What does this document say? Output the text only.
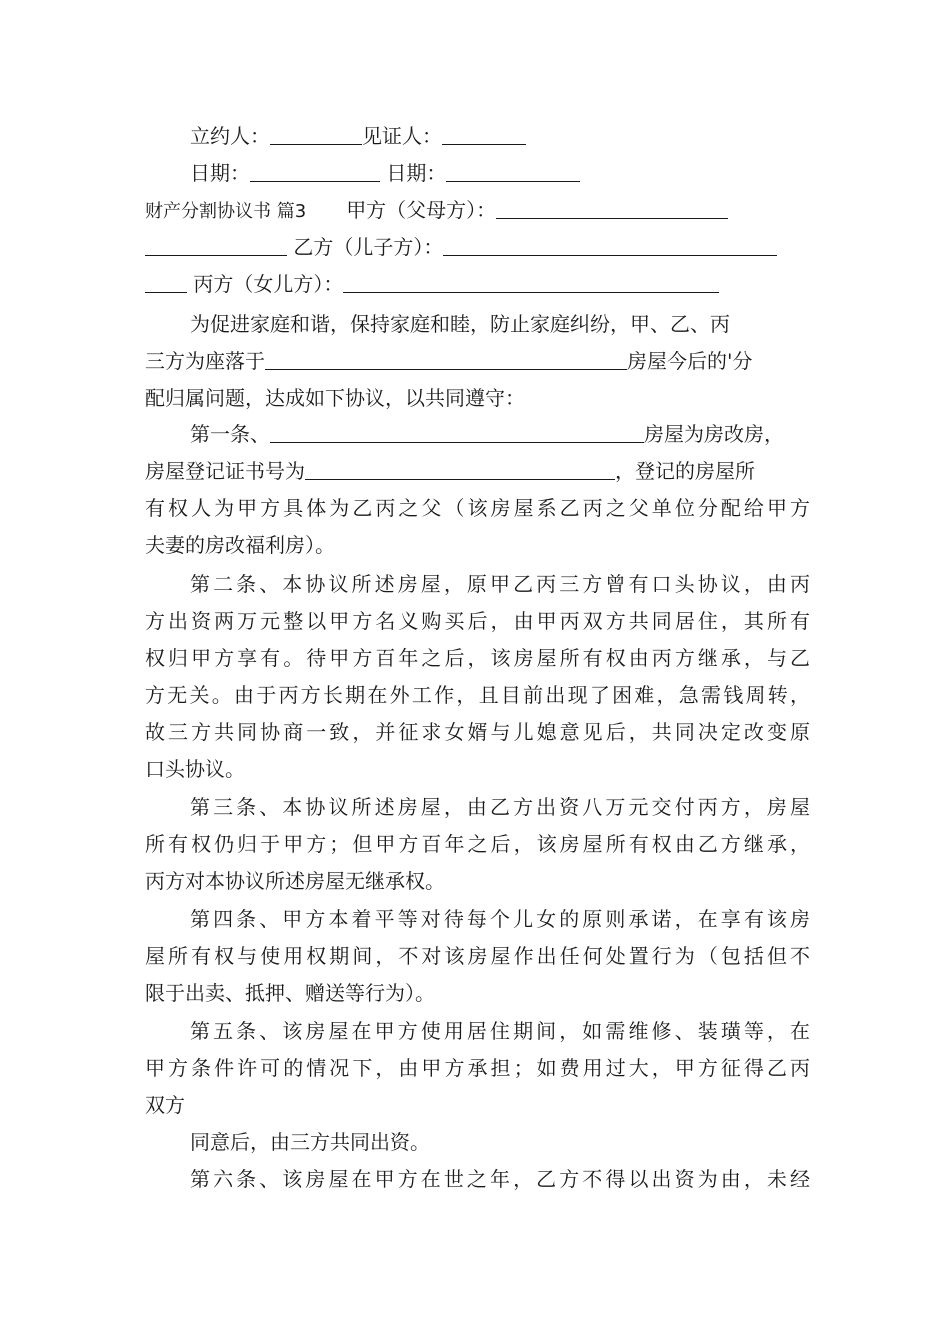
立约人：	见证人：
日期：	日期：
财产分割协议书 篇3 甲方（父母方）：
乙方（儿子方）：
丙方（女儿方）：
为促进家庭和谐，保持家庭和睦，防止家庭纠纷，甲、乙、丙
三方为座落于	房屋今后的'分
配归属问题，达成如下协议，以共同遵守：
第一条、	房屋为房改房，
房屋登记证书号为	，登记的房屋所
有权人为甲方具体为乙丙之父（该房屋系乙丙之父单位分配给甲方
夫妻的房改福利房）。
第二条、本协议所述房屋，原甲乙丙三方曾有口头协议，由丙
方出资两万元整以甲方名义购买后，由甲丙双方共同居住，其所有
权归甲方享有。待甲方百年之后，该房屋所有权由丙方继承，与乙
方无关。由于丙方长期在外工作，且目前出现了困难，急需钱周转，
故三方共同协商一致，并征求女婿与儿媳意见后，共同决定改变原
口头协议。
第三条、本协议所述房屋，由乙方出资八万元交付丙方，房屋
所有权仍归于甲方；但甲方百年之后，该房屋所有权由乙方继承，
丙方对本协议所述房屋无继承权。
第四条、甲方本着平等对待每个儿女的原则承诺，在享有该房
屋所有权与使用权期间，不对该房屋作出任何处置行为（包括但不
限于出卖、抵押、赠送等行为）。
第五条、该房屋在甲方使用居住期间，如需维修、装璜等，在
甲方条件许可的情况下，由甲方承担；如费用过大，甲方征得乙丙
双方
同意后，由三方共同出资。
第六条、该房屋在甲方在世之年，乙方不得以出资为由，未经
